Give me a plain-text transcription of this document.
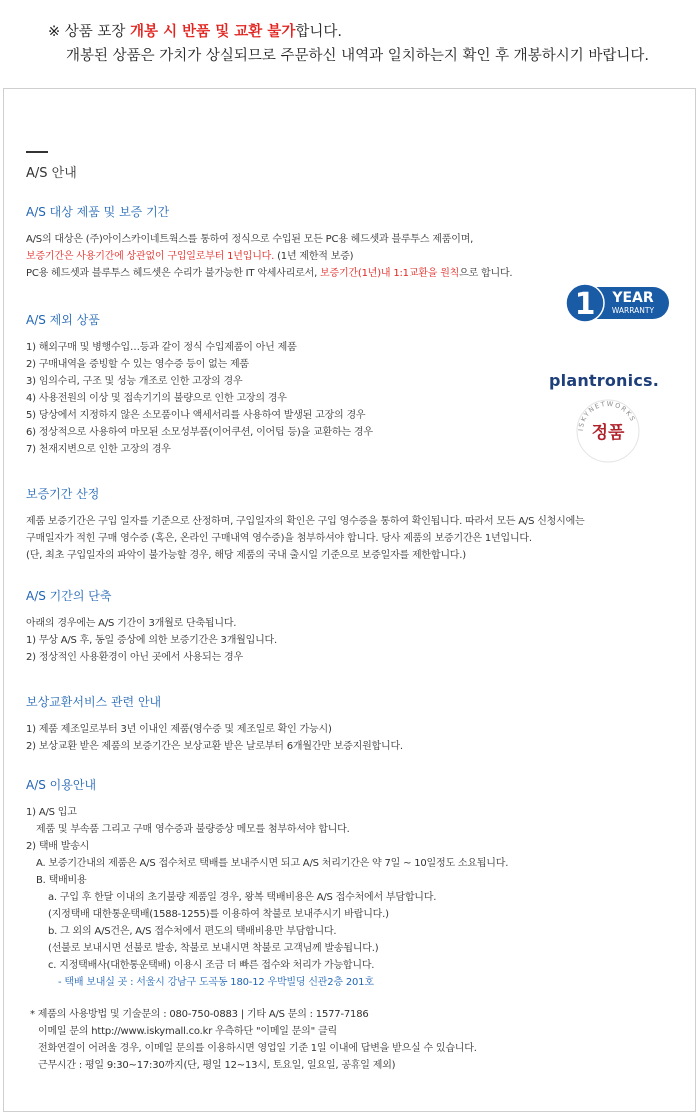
※ 상품 포장 개봉 시 반품 및 교환 불가합니다.
개봉된 상품은 가치가 상실되므로 주문하신 내역과 일치하는지 확인 후 개봉하시기 바랍니다.
A/S 안내
A/S 대상 제품 및 보증 기간
A/S의 대상은 (주)아이스카이네트웍스를 통하여 정식으로 수입된 모든 PC용 헤드셋과 블루투스 제품이며,
보증기간은 사용기간에 상관없이 구입일로부터 1년입니다. (1년 제한적 보증)
PC용 헤드셋과 블루투스 헤드셋은 수리가 불가능한 IT 악세사리로서, 보증기간(1년)내 1:1교환을 원칙으로 합니다.
A/S 제외 상품
1) 해외구매 및 병행수입…등과 같이 정식 수입제품이 아닌 제품
2) 구매내역을 증빙할 수 있는 영수증 등이 없는 제품
3) 임의수리, 구조 및 성능 개조로 인한 고장의 경우
4) 사용전원의 이상 및 접속기기의 불량으로 인한 고장의 경우
5) 당상에서 지정하지 않은 소모품이나 액세서리를 사용하여 발생된 고장의 경우
6) 정상적으로 사용하여 마모된 소모성부품(이어쿠션, 이어팁 등)을 교환하는 경우
7) 천재지변으로 인한 고장의 경우
1 YEAR
WARRANTY
plantronics.
ISKYNETWORKS
정품
보증기간 산정
제품 보증기간은 구입 일자를 기준으로 산정하며, 구입일자의 확인은 구입 영수증을 통하여 확인됩니다. 따라서 모든 A/S 신청시에는
구매일자가 적힌 구매 영수증 (혹은, 온라인 구매내역 영수증)을 첨부하셔야 합니다. 당사 제품의 보증기간은 1년입니다.
(단, 최초 구입일자의 파악이 불가능할 경우, 해당 제품의 국내 출시일 기준으로 보증일자를 제한합니다.)
A/S 기간의 단축
아래의 경우에는 A/S 기간이 3개월로 단축됩니다.
1) 무상 A/S 후, 동일 증상에 의한 보증기간은 3개월입니다.
2) 정상적인 사용환경이 아닌 곳에서 사용되는 경우
보상교환서비스 관련 안내
1) 제품 제조일로부터 3년 이내인 제품(영수증 및 제조일로 확인 가능시)
2) 보상교환 받은 제품의 보증기간은 보상교환 받은 날로부터 6개월간만 보증지원합니다.
A/S 이용안내
1) A/S 입고
제품 및 부속품 그리고 구매 영수증과 불량증상 메모를 첨부하셔야 합니다.
2) 택배 발송시
A. 보증기간내의 제품은 A/S 접수처로 택배를 보내주시면 되고 A/S 처리기간은 약 7일 ~ 10일정도 소요됩니다.
B. 택배비용
a. 구입 후 한달 이내의 초기불량 제품일 경우, 왕복 택배비용은 A/S 접수처에서 부담합니다.
(지정택배 대한통운택배(1588-1255)를 이용하여 착불로 보내주시기 바랍니다.)
b. 그 외의 A/S건은, A/S 접수처에서 편도의 택배비용만 부담합니다.
(선불로 보내시면 선불로 발송, 착불로 보내시면 착불로 고객님께 발송됩니다.)
c. 지정택배사(대한통운택배) 이용시 조금 더 빠른 접수와 처리가 가능합니다.
- 택배 보내실 곳 : 서울시 강남구 도곡동 180-12 우박빌딩 신관2층 201호
* 제품의 사용방법 및 기술문의 : 080-750-0883 | 기타 A/S 문의 : 1577-7186
이메일 문의 http://www.iskymall.co.kr 우측하단 "이메일 문의" 클릭
전화연결이 어려울 경우, 이메일 문의를 이용하시면 영업일 기준 1일 이내에 답변을 받으실 수 있습니다.
근무시간 : 평일 9:30~17:30까지(단, 평일 12~13시, 토요일, 일요일, 공휴일 제외)
